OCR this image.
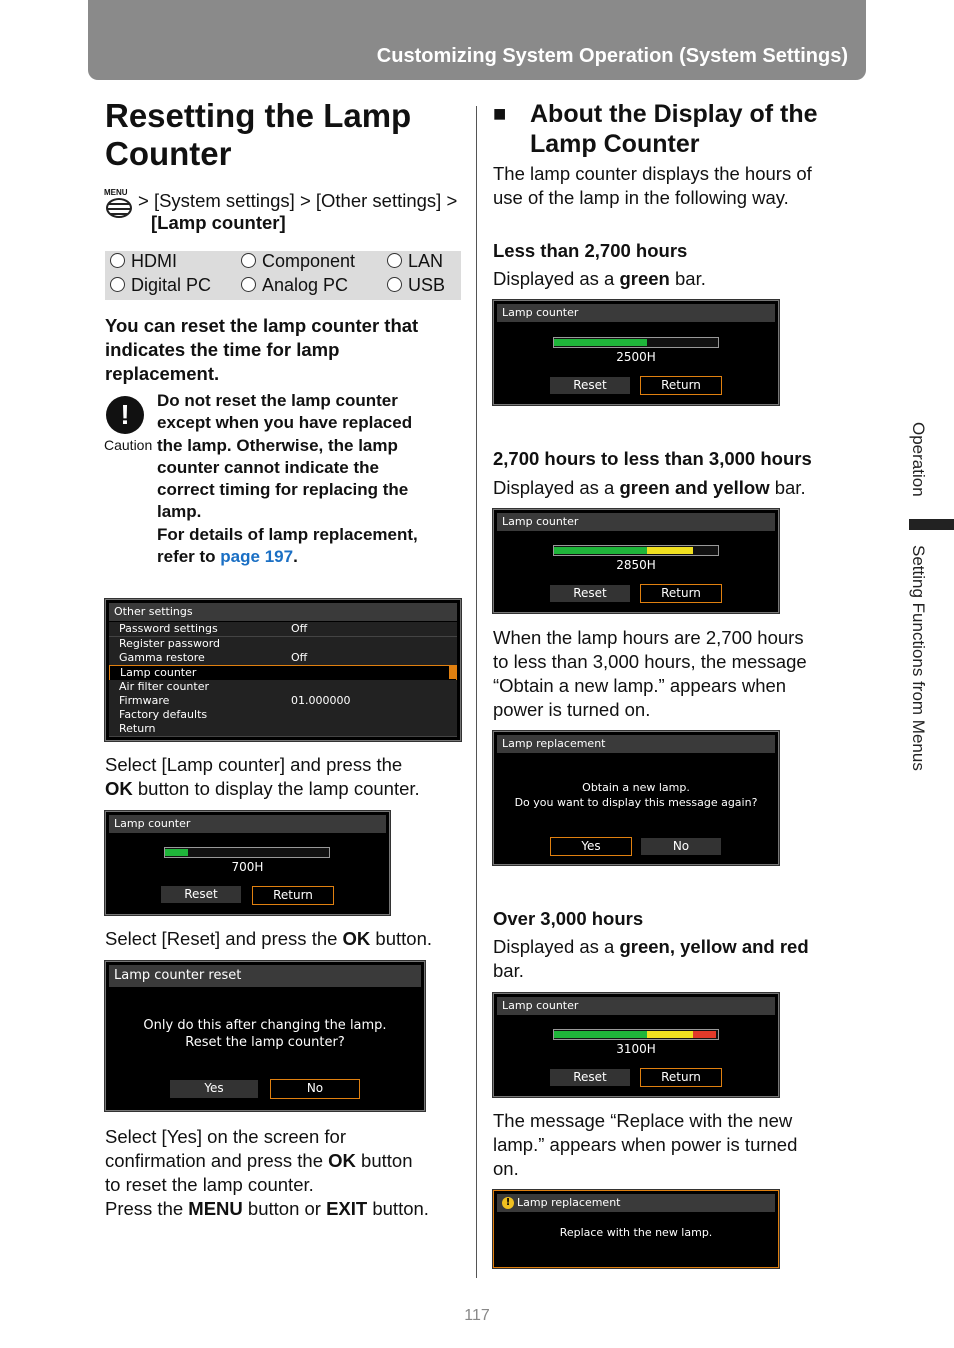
Customizing System Operation (System Settings)
Resetting the Lamp
Counter
MENU > [System settings] > [Other settings] >
[Lamp counter]
HDMI	Component	LAN
Digital PC	Analog PC	USB
You can reset the lamp counter that
indicates the time for lamp
replacement.
!
Caution
Do not reset the lamp counter
except when you have replaced
the lamp. Otherwise, the lamp
counter cannot indicate the
correct timing for replacing the
lamp.
For details of lamp replacement,
refer to page 197.
Other settings
Password settings	Off
Register password
Gamma restore	Off
Lamp counter
Air filter counter
Firmware	01.000000
Factory defaults
Return
Select [Lamp counter] and press the
OK button to display the lamp counter.
Lamp counter
700H
Reset	Return
Select [Reset] and press the OK button.
Lamp counter reset
Only do this after changing the lamp.
Reset the lamp counter?
Yes	No
Select [Yes] on the screen for
confirmation and press the OK button
to reset the lamp counter.
Press the MENU button or EXIT button.
■ About the Display of the
Lamp Counter
The lamp counter displays the hours of
use of the lamp in the following way.
Less than 2,700 hours
Displayed as a green bar.
Lamp counter
2500H
Reset	Return
2,700 hours to less than 3,000 hours
Displayed as a green and yellow bar.
Lamp counter
2850H
Reset	Return
When the lamp hours are 2,700 hours
to less than 3,000 hours, the message
“Obtain a new lamp.” appears when
power is turned on.
Lamp replacement
Obtain a new lamp.
Do you want to display this message again?
Yes	No
Over 3,000 hours
Displayed as a green, yellow and red
bar.
Lamp counter
3100H
Reset	Return
The message “Replace with the new
lamp.” appears when power is turned
on.
! Lamp replacement
Replace with the new lamp.
Operation
Setting Functions from Menus
117
